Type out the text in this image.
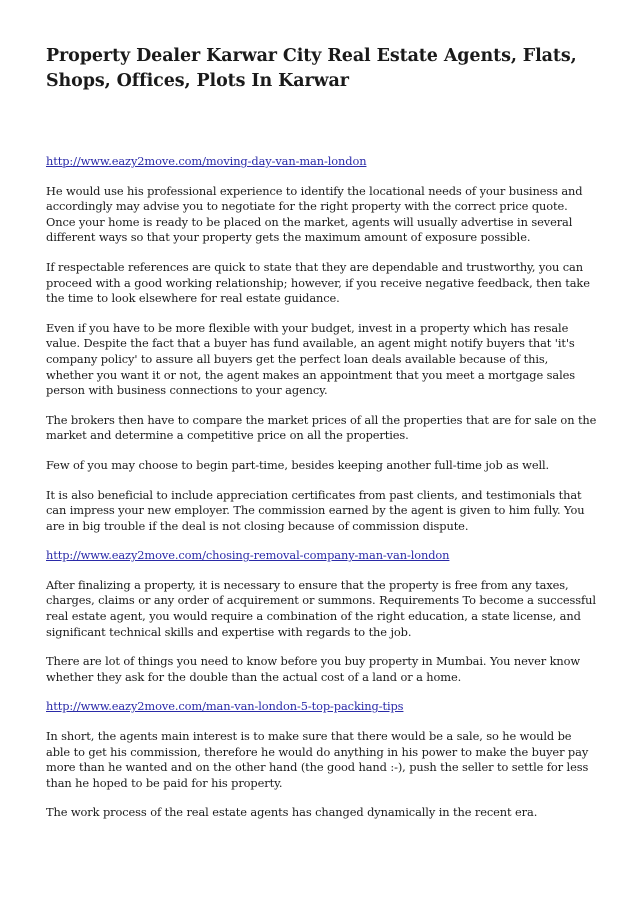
Property Dealer Karwar City Real Estate Agents, Flats, Shops, Offices, Plots In Karwar

http://www.eazy2move.com/moving-day-van-man-london

He would use his professional experience to identify the locational needs of your business and accordingly may advise you to negotiate for the right property with the correct price quote. Once your home is ready to be placed on the market, agents will usually advertise in several different ways so that your property gets the maximum amount of exposure possible.

If respectable references are quick to state that they are dependable and trustworthy, you can proceed with a good working relationship; however, if you receive negative feedback, then take the time to look elsewhere for real estate guidance.

Even if you have to be more flexible with your budget, invest in a property which has resale value. Despite the fact that a buyer has fund available, an agent might notify buyers that 'it's company policy' to assure all buyers get the perfect loan deals available because of this, whether you want it or not, the agent makes an appointment that you meet a mortgage sales person with business connections to your agency.

The brokers then have to compare the market prices of all the properties that are for sale on the market and determine a competitive price on all the properties.

Few of you may choose to begin part-time, besides keeping another full-time job as well.

It is also beneficial to include appreciation certificates from past clients, and testimonials that can impress your new employer. The commission earned by the agent is given to him fully. You are in big trouble if the deal is not closing because of commission dispute.

http://www.eazy2move.com/chosing-removal-company-man-van-london

After finalizing a property, it is necessary to ensure that the property is free from any taxes, charges, claims or any order of acquirement or summons. Requirements To become a successful real estate agent, you would require a combination of the right education, a state license, and significant technical skills and expertise with regards to the job.

There are lot of things you need to know before you buy property in Mumbai. You never know whether they ask for the double than the actual cost of a land or a home.

http://www.eazy2move.com/man-van-london-5-top-packing-tips

In short, the agents main interest is to make sure that there would be a sale, so he would be able to get his commission, therefore he would do anything in his power to make the buyer pay more than he wanted and on the other hand (the good hand :-), push the seller to settle for less than he hoped to be paid for his property.

The work process of the real estate agents has changed dynamically in the recent era.
